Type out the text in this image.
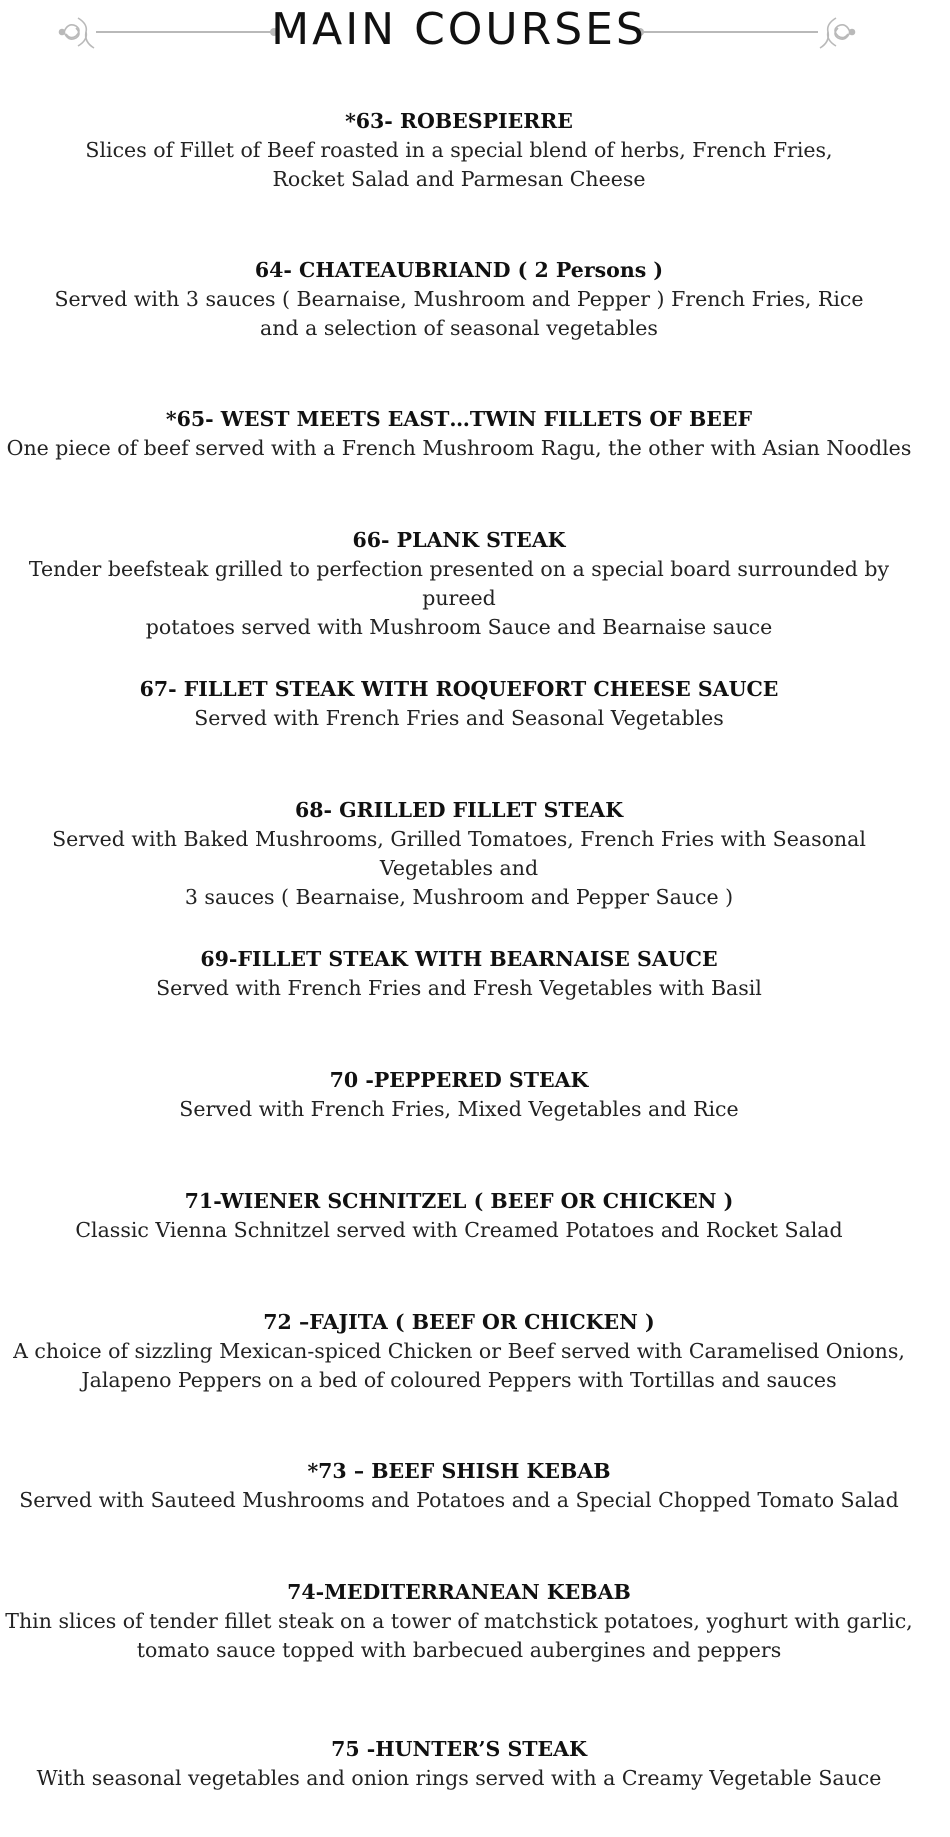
MAIN COURSES
*63- ROBESPIERRE
Slices of Fillet of Beef roasted in a special blend of herbs, French Fries,
Rocket Salad and Parmesan Cheese
64- CHATEAUBRIAND ( 2 Persons )
Served with 3 sauces ( Bearnaise, Mushroom and Pepper ) French Fries, Rice
and a selection of seasonal vegetables
*65- WEST MEETS EAST…TWIN FILLETS OF BEEF
One piece of beef served with a French Mushroom Ragu, the other with Asian Noodles
66- PLANK STEAK
Tender beefsteak grilled to perfection presented on a special board surrounded by pureed
potatoes served with Mushroom Sauce and Bearnaise sauce
67- FILLET STEAK WITH ROQUEFORT CHEESE SAUCE
Served with French Fries and Seasonal Vegetables
68- GRILLED FILLET STEAK
Served with Baked Mushrooms, Grilled Tomatoes, French Fries with Seasonal Vegetables and
3 sauces ( Bearnaise, Mushroom and Pepper Sauce )
69-FILLET STEAK WITH BEARNAISE SAUCE
Served with French Fries and Fresh Vegetables with Basil
70 -PEPPERED STEAK
Served with French Fries, Mixed Vegetables and Rice
71-WIENER SCHNITZEL ( BEEF OR CHICKEN )
Classic Vienna Schnitzel served with Creamed Potatoes and Rocket Salad
72 –FAJITA ( BEEF OR CHICKEN )
A choice of sizzling Mexican-spiced Chicken or Beef served with Caramelised Onions,
Jalapeno Peppers on a bed of coloured Peppers with Tortillas and sauces
*73 – BEEF SHISH KEBAB
Served with Sauteed Mushrooms and Potatoes and a Special Chopped Tomato Salad
74-MEDITERRANEAN KEBAB
Thin slices of tender fillet steak on a tower of matchstick potatoes, yoghurt with garlic,
tomato sauce topped with barbecued aubergines and peppers
75 -HUNTER’S STEAK
With seasonal vegetables and onion rings served with a Creamy Vegetable Sauce
